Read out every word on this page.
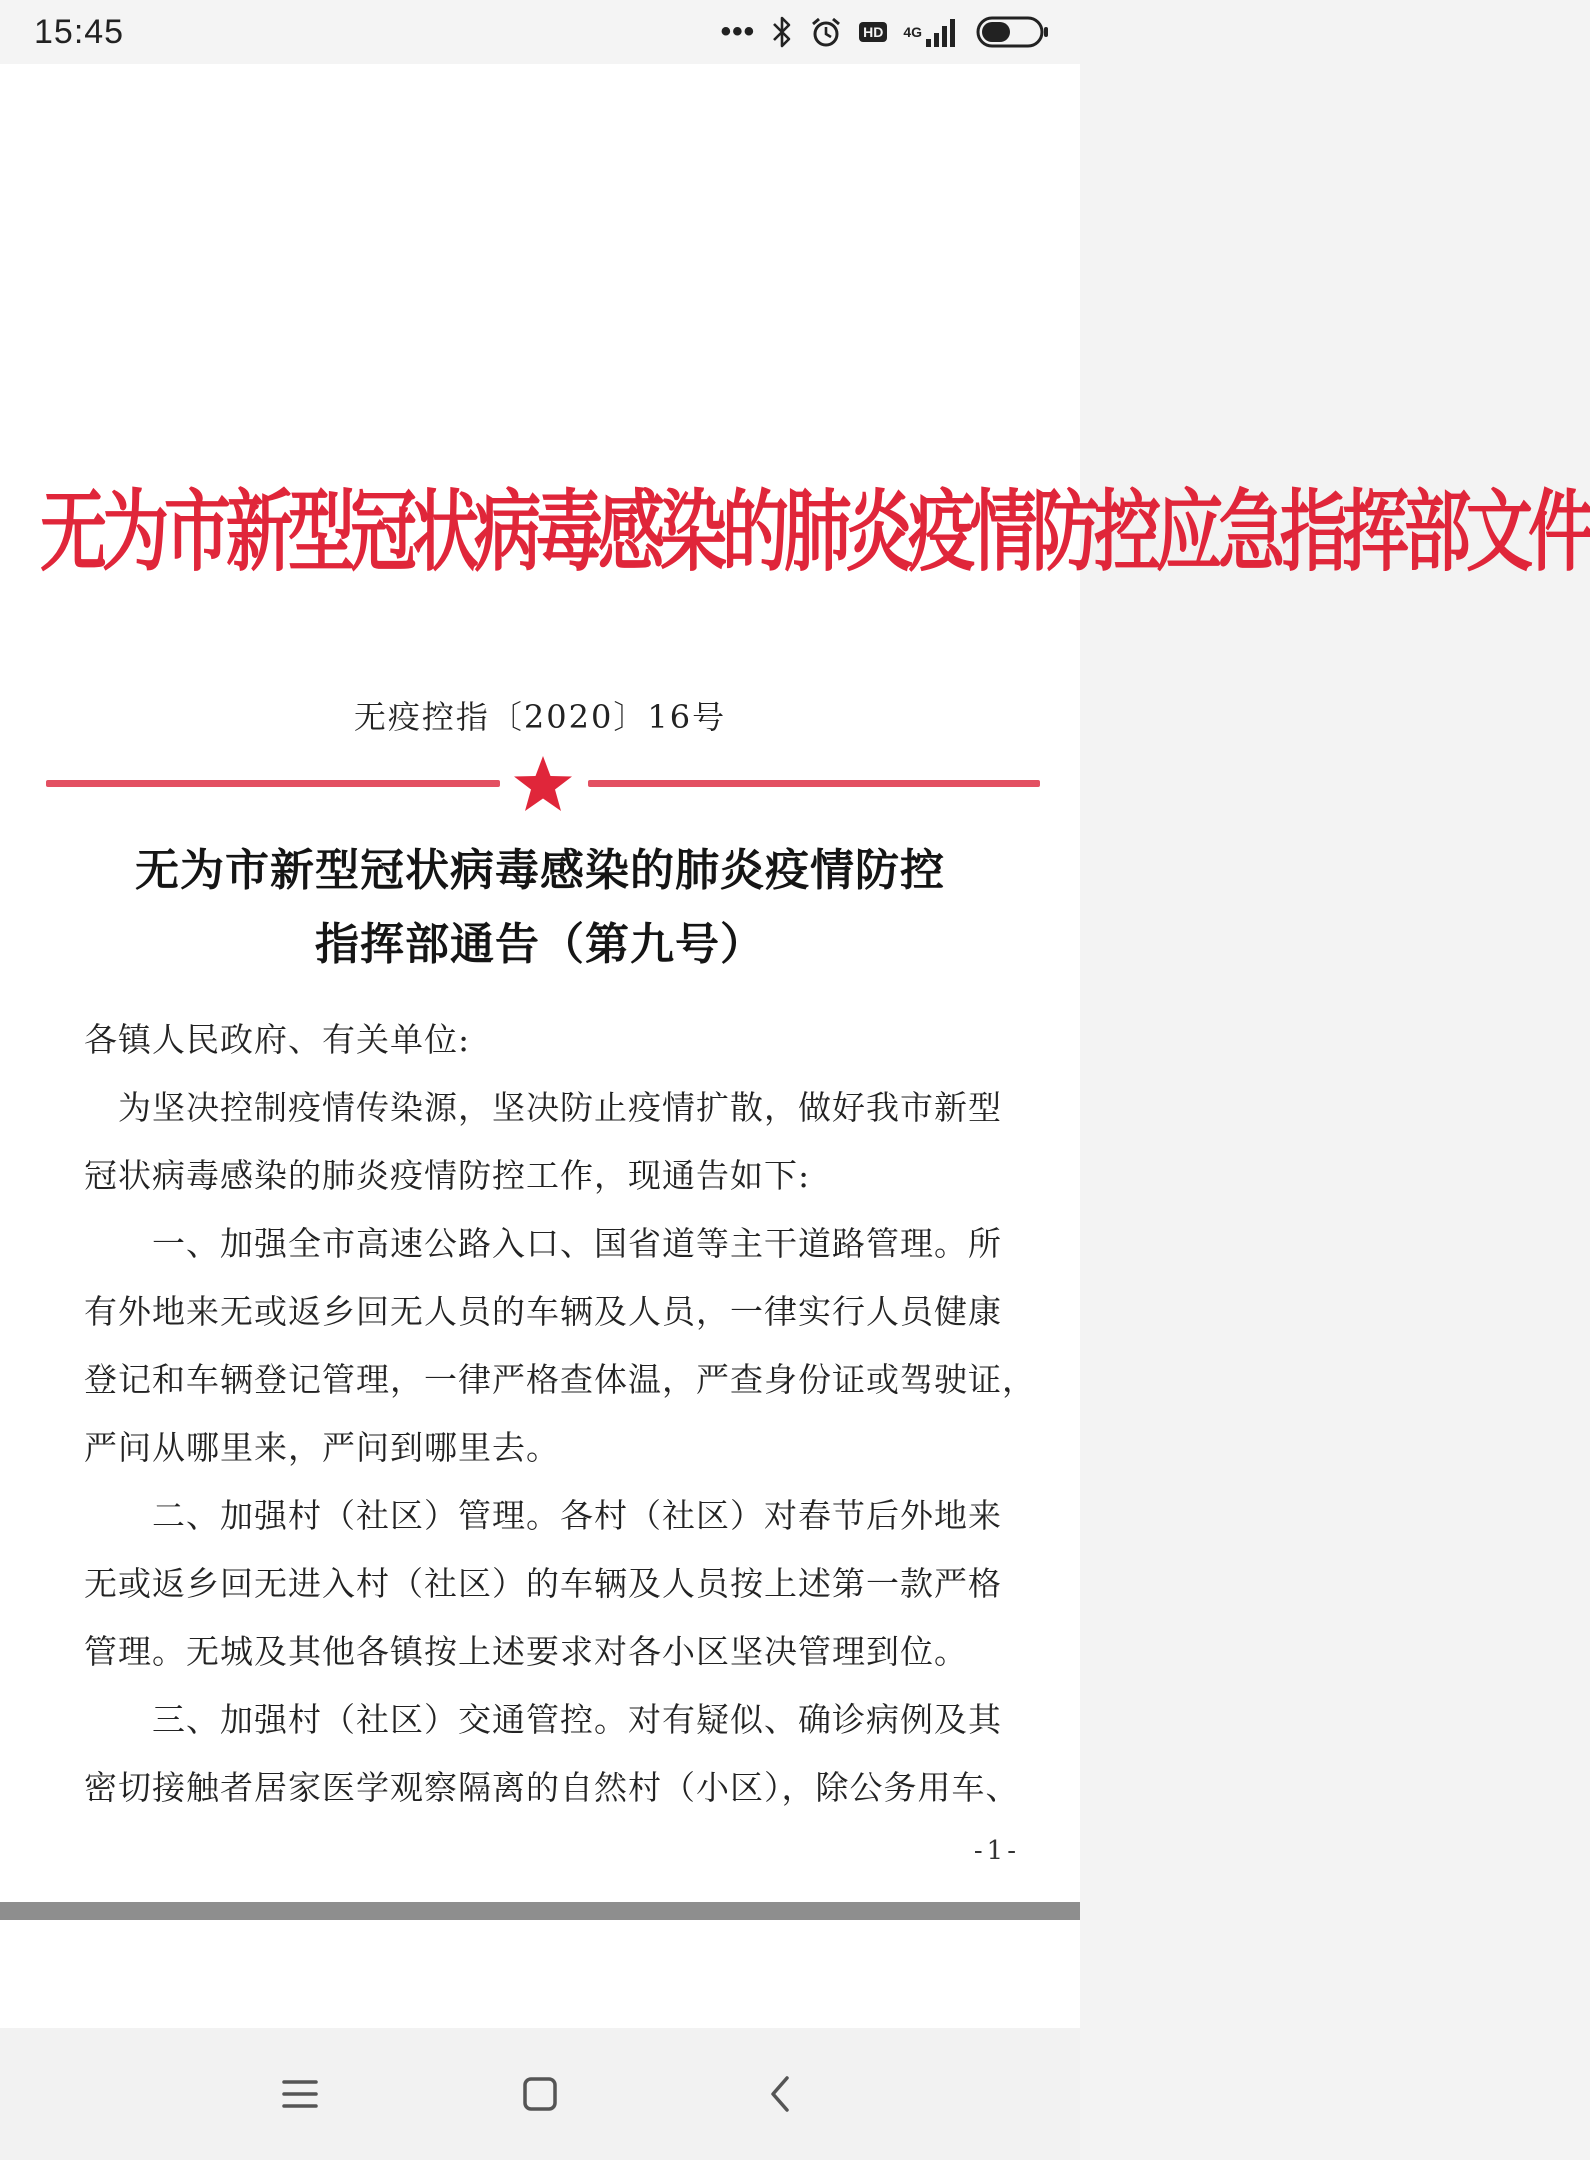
15:45	•••	HD 4G
无为市新型冠状病毒感染的肺炎疫情防控应急指挥部文件
无疫控指〔2020〕16号
无为市新型冠状病毒感染的肺炎疫情防控
指挥部通告（第九号）
各镇人民政府、有关单位:
　为坚决控制疫情传染源，坚决防止疫情扩散，做好我市新型
冠状病毒感染的肺炎疫情防控工作，现通告如下:
　　一、加强全市高速公路入口、国省道等主干道路管理。所
有外地来无或返乡回无人员的车辆及人员，一律实行人员健康
登记和车辆登记管理，一律严格查体温，严查身份证或驾驶证，
严问从哪里来，严问到哪里去。
　　二、加强村（社区）管理。各村（社区）对春节后外地来
无或返乡回无进入村（社区）的车辆及人员按上述第一款严格
管理。无城及其他各镇按上述要求对各小区坚决管理到位。
　　三、加强村（社区）交通管控。对有疑似、确诊病例及其
密切接触者居家医学观察隔离的自然村（小区），除公务用车、
-1-
